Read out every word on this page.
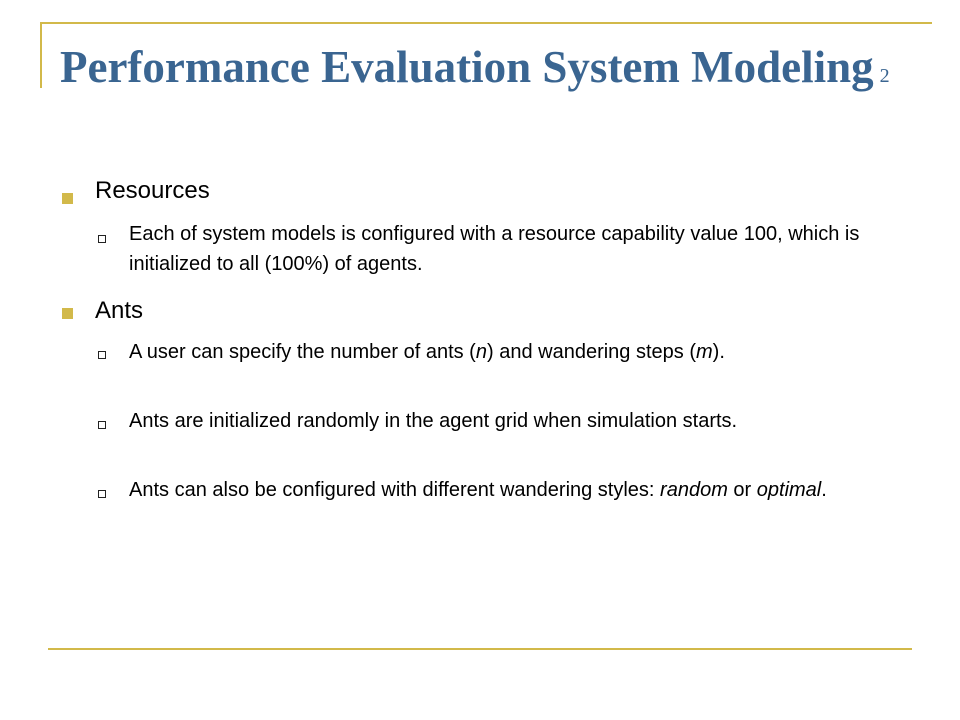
Performance Evaluation System Modeling 2
Resources
Each of system models is configured with a resource capability value 100, which is initialized to all (100%) of agents.
Ants
A user can specify the number of ants (n) and wandering steps (m).
Ants are initialized randomly in the agent grid when simulation starts.
Ants can also be configured with different wandering styles: random or optimal.
